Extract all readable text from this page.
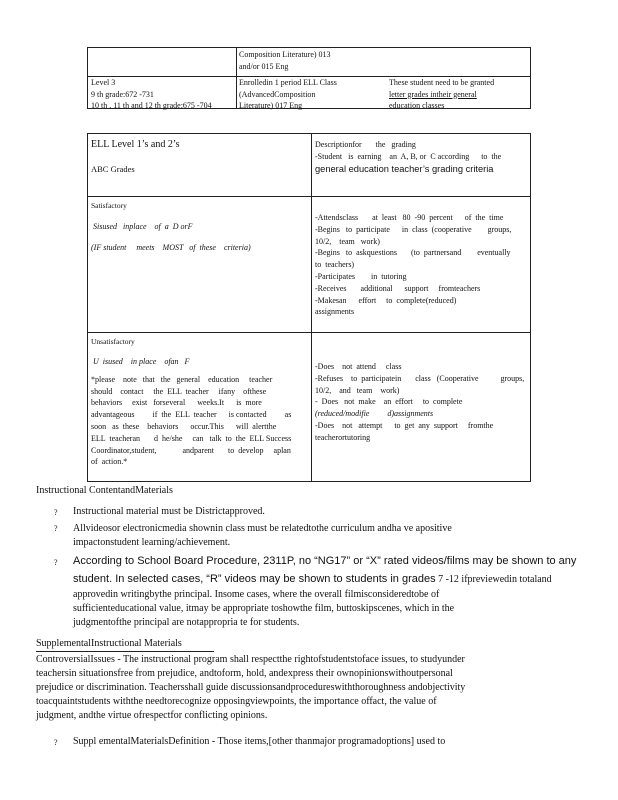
Composition Literature) 013
and/or 015 Eng
Level 3
9 th grade:672 -731
10 th , 11 th and 12 th grade:675 -704
Enrolledin 1 period ELL Class
(AdvancedComposition
Literature) 017 Eng
These student need to be granted
letter grades intheir general
education classes
ELL Level 1’s and 2’s
ABC Grades
Descriptionfor       the   grading
-Student   is  earning    an  A, B, or  C according      to  the
general education teacher’s grading criteria
Satisfactory
Sisused   inplace    of  a  D orF
(IF student     meets    MOST   of  these    criteria)
-Attendsclass       at  least   80  -90  percent      of  the  time
-Begins   to  participate      in  class  (cooperative        groups,
10/2,    team   work)
-Begins   to  askquestions       (to  partnersand        eventually
to  teachers)
-Participates        in  tutoring
-Receives       additional      support     fromteachers
-Makesan      effort     to  complete(reduced)
assignments
Unsatisfactory
U  isused    in place    ofan   F
*please    note   that   the   general    education     teacher
should    contact     the  ELL  teacher     ifany    ofthese
behaviors     exist   forseveral      weeks.It      is  more
advantageous         if  the  ELL  teacher      is contacted         as
soon   as  these    behaviors      occur.This      will  alertthe
ELL  teacheran       d  he/she     can   talk  to  the  ELL Success
Coordinator,student,             andparent       to  develop     aplan
of  action.*
-Does    not  attend     class
-Refuses    to  participatein       class   (Cooperative           groups,
10/2,    and   team    work)
-  Does   not  make    an  effort     to  complete
(reduced/modifie         d)assignments
-Does    not   attempt      to  get  any  support     fromthe
teacherortutoring
Instructional ContentandMaterials
? Instructional material must be Districtapproved.
? Allvideosor electronicmedia shownin class must be relatedtothe curriculum andha ve apositive
impactonstudent learning/achievement.
? According to School Board Procedure, 2311P, no “NG17” or “X” rated videos/films may be shown to any
student. In selected cases, “R” videos may be shown to students in grades 7 -12 ifpreviewedin totaland
approvedin writingbythe principal. Insome cases, where the overall filmisconsideredtobe of
sufficienteducational value, itmay be appropriate toshowthe film, buttoskipscenes, which in the
judgmentofthe principal are notappropria te for students.
SupplementalInstructional Materials
ControversialIssues - The instructional program shall respectthe rightofstudentstoface issues, to studyunder
teachersin situationsfree from prejudice, andtoform, hold, andexpress their ownopinionswithoutpersonal
prejudice or discrimination. Teachersshall guide discussionsandprocedureswiththoroughness andobjectivity
toacquaintstudents withthe needtorecognize opposingviewpoints, the importance offact, the value of
judgment, andthe virtue ofrespectfor conflicting opinions.
? Suppl ementalMaterialsDefinition - Those items,[other thanmajor programadoptions] used to
